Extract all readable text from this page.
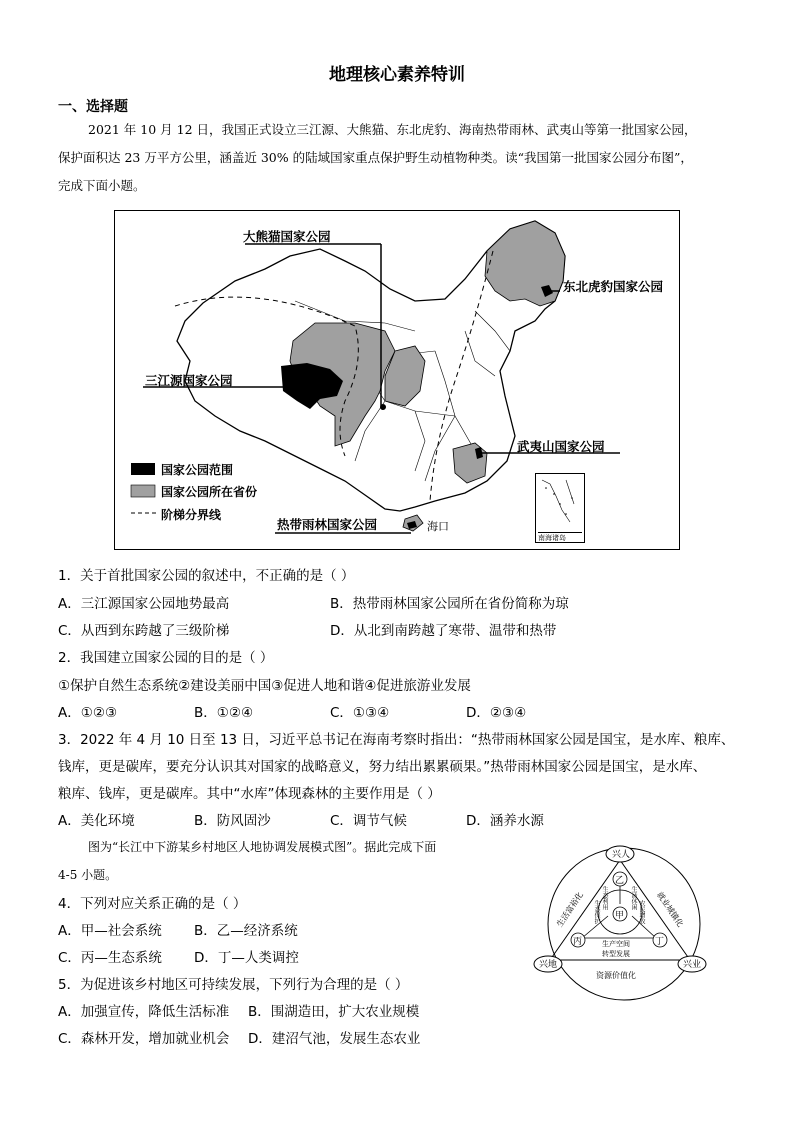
地理核心素养特训
一、选择题
2021 年 10 月 12 日，我国正式设立三江源、大熊猫、东北虎豹、海南热带雨林、武夷山等第一批国家公园，
保护面积达 23 万平方公里，涵盖近 30% 的陆域国家重点保护野生动植物种类。读“我国第一批国家公园分布图”，
完成下面小题。
大熊猫国家公园
东北虎豹国家公园
三江源国家公园
武夷山国家公园
热带雨林国家公园	海口
国家公园范围
国家公园所在省份
阶梯分界线
南海诸岛
1．关于首批国家公园的叙述中，不正确的是（ ）
A．三江源国家公园地势最高	B．热带雨林国家公园所在省份简称为琼
C．从西到东跨越了三级阶梯	D．从北到南跨越了寒带、温带和热带
2．我国建立国家公园的目的是（ ）
①保护自然生态系统②建设美丽中国③促进人地和谐④促进旅游业发展
A．①②③	B．①②④	C．①③④	D．②③④
3．2022 年 4 月 10 日至 13 日，习近平总书记在海南考察时指出：“热带雨林国家公园是国宝，是水库、粮库、
钱库，更是碳库，要充分认识其对国家的战略意义，努力结出累累硕果。”热带雨林国家公园是国宝，是水库、
粮库、钱库，更是碳库。其中“水库”体现森林的主要作用是（ ）
A．美化环境	B．防风固沙	C．调节气候	D．涵养水源
图为“长江中下游某乡村地区人地协调发展模式图”。据此完成下面
4-5 小题。
兴人
兴地	兴业
乙
丙	丁
甲
生活富裕化	就业城镇化
资源价值化
生产空间
转型发展
生态保护	农民增收
生态利用	生活休闲
4．下列对应关系正确的是（ ）
A．甲—社会系统 B．乙—经济系统
C．丙—生态系统 D．丁—人类调控
5．为促进该乡村地区可持续发展，下列行为合理的是（ ）
A．加强宣传，降低生活标准 B．围湖造田，扩大农业规模
C．森林开发，增加就业机会 D．建沼气池，发展生态农业
